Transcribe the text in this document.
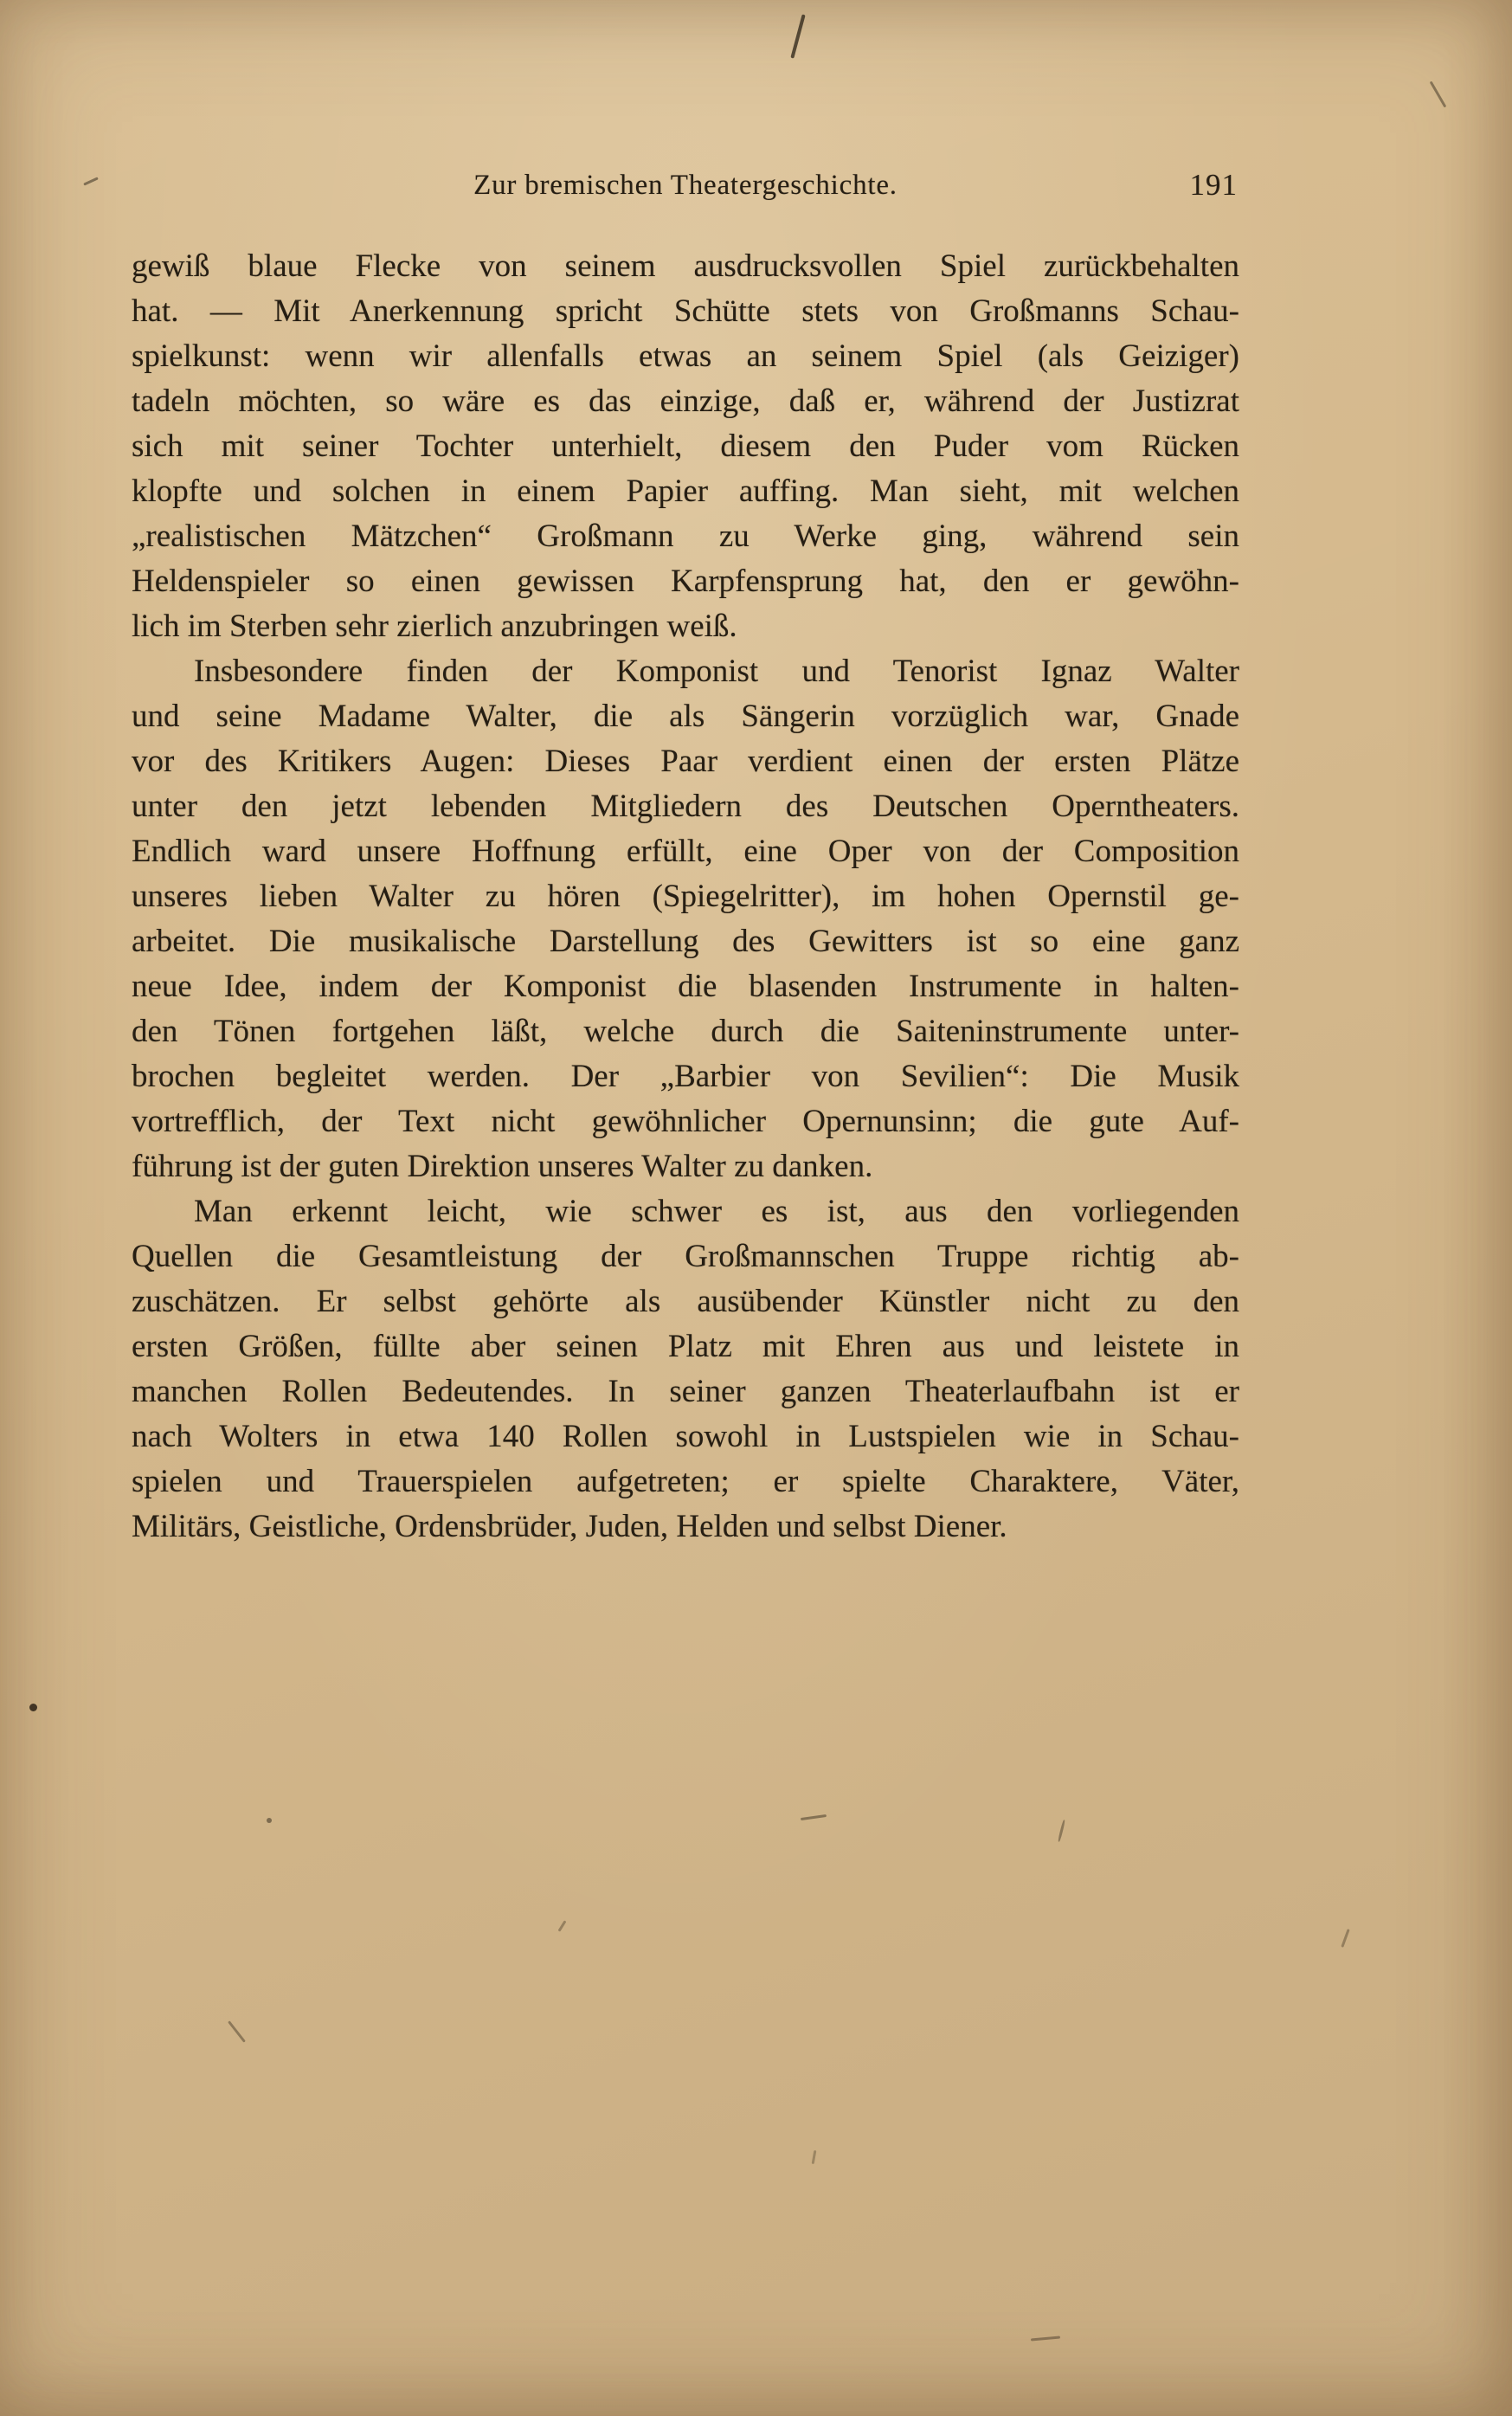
Zur bremischen Theatergeschichte.	191
gewiß blaue Flecke von seinem ausdrucksvollen Spiel zurückbehalten
hat. — Mit Anerkennung spricht Schütte stets von Großmanns Schau-
spielkunst: wenn wir allenfalls etwas an seinem Spiel (als Geiziger)
tadeln möchten, so wäre es das einzige, daß er, während der Justizrat
sich mit seiner Tochter unterhielt, diesem den Puder vom Rücken
klopfte und solchen in einem Papier auffing. Man sieht, mit welchen
„realistischen Mätzchen“ Großmann zu Werke ging, während sein
Heldenspieler so einen gewissen Karpfensprung hat, den er gewöhn-
lich im Sterben sehr zierlich anzubringen weiß.
Insbesondere finden der Komponist und Tenorist Ignaz Walter
und seine Madame Walter, die als Sängerin vorzüglich war, Gnade
vor des Kritikers Augen: Dieses Paar verdient einen der ersten Plätze
unter den jetzt lebenden Mitgliedern des Deutschen Operntheaters.
Endlich ward unsere Hoffnung erfüllt, eine Oper von der Composition
unseres lieben Walter zu hören (Spiegelritter), im hohen Opernstil ge-
arbeitet. Die musikalische Darstellung des Gewitters ist so eine ganz
neue Idee, indem der Komponist die blasenden Instrumente in halten-
den Tönen fortgehen läßt, welche durch die Saiteninstrumente unter-
brochen begleitet werden. Der „Barbier von Sevilien“: Die Musik
vortrefflich, der Text nicht gewöhnlicher Opernunsinn; die gute Auf-
führung ist der guten Direktion unseres Walter zu danken.
Man erkennt leicht, wie schwer es ist, aus den vorliegenden
Quellen die Gesamtleistung der Großmannschen Truppe richtig ab-
zuschätzen. Er selbst gehörte als ausübender Künstler nicht zu den
ersten Größen, füllte aber seinen Platz mit Ehren aus und leistete in
manchen Rollen Bedeutendes. In seiner ganzen Theaterlaufbahn ist er
nach Wolters in etwa 140 Rollen sowohl in Lustspielen wie in Schau-
spielen und Trauerspielen aufgetreten; er spielte Charaktere, Väter,
Militärs, Geistliche, Ordensbrüder, Juden, Helden und selbst Diener.
